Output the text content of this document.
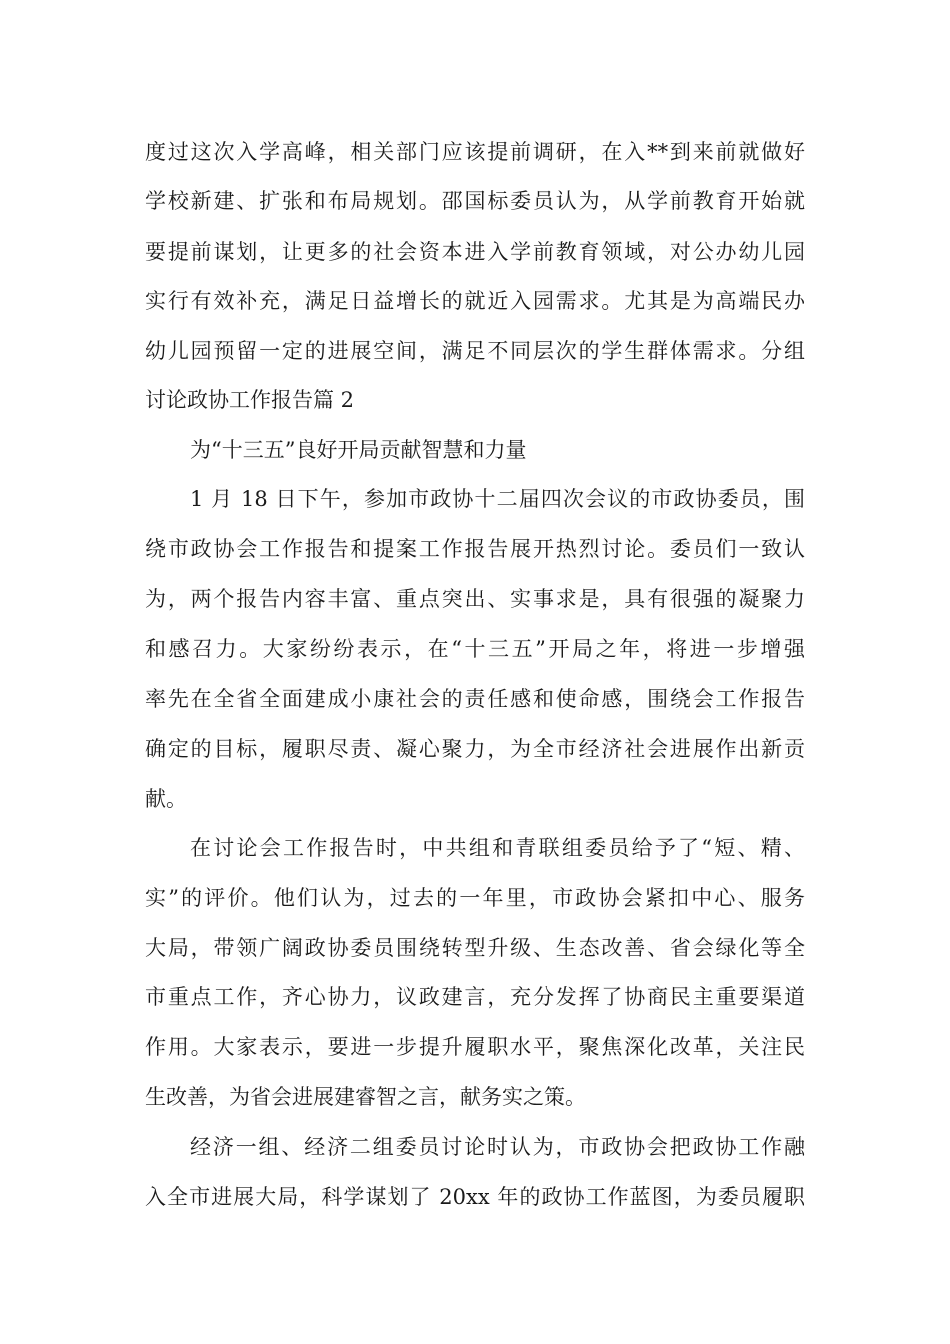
度过这次入学高峰，相关部门应该提前调研，在入**到来前就做好
学校新建、扩张和布局规划。邵国标委员认为，从学前教育开始就
要提前谋划，让更多的社会资本进入学前教育领域，对公办幼儿园
实行有效补充，满足日益增长的就近入园需求。尤其是为高端民办
幼儿园预留一定的进展空间，满足不同层次的学生群体需求。分组
讨论政协工作报告篇 2
为“十三五”良好开局贡献智慧和力量
1 月 18 日下午，参加市政协十二届四次会议的市政协委员，围
绕市政协会工作报告和提案工作报告展开热烈讨论。委员们一致认
为，两个报告内容丰富、重点突出、实事求是，具有很强的凝聚力
和感召力。大家纷纷表示，在“十三五”开局之年，将进一步增强
率先在全省全面建成小康社会的责任感和使命感，围绕会工作报告
确定的目标，履职尽责、凝心聚力，为全市经济社会进展作出新贡
献。
在讨论会工作报告时，中共组和青联组委员给予了“短、精、
实”的评价。他们认为，过去的一年里，市政协会紧扣中心、服务
大局，带领广阔政协委员围绕转型升级、生态改善、省会绿化等全
市重点工作，齐心协力，议政建言，充分发挥了协商民主重要渠道
作用。大家表示，要进一步提升履职水平，聚焦深化改革，关注民
生改善，为省会进展建睿智之言，献务实之策。
经济一组、经济二组委员讨论时认为，市政协会把政协工作融
入全市进展大局，科学谋划了 20xx 年的政协工作蓝图，为委员履职
